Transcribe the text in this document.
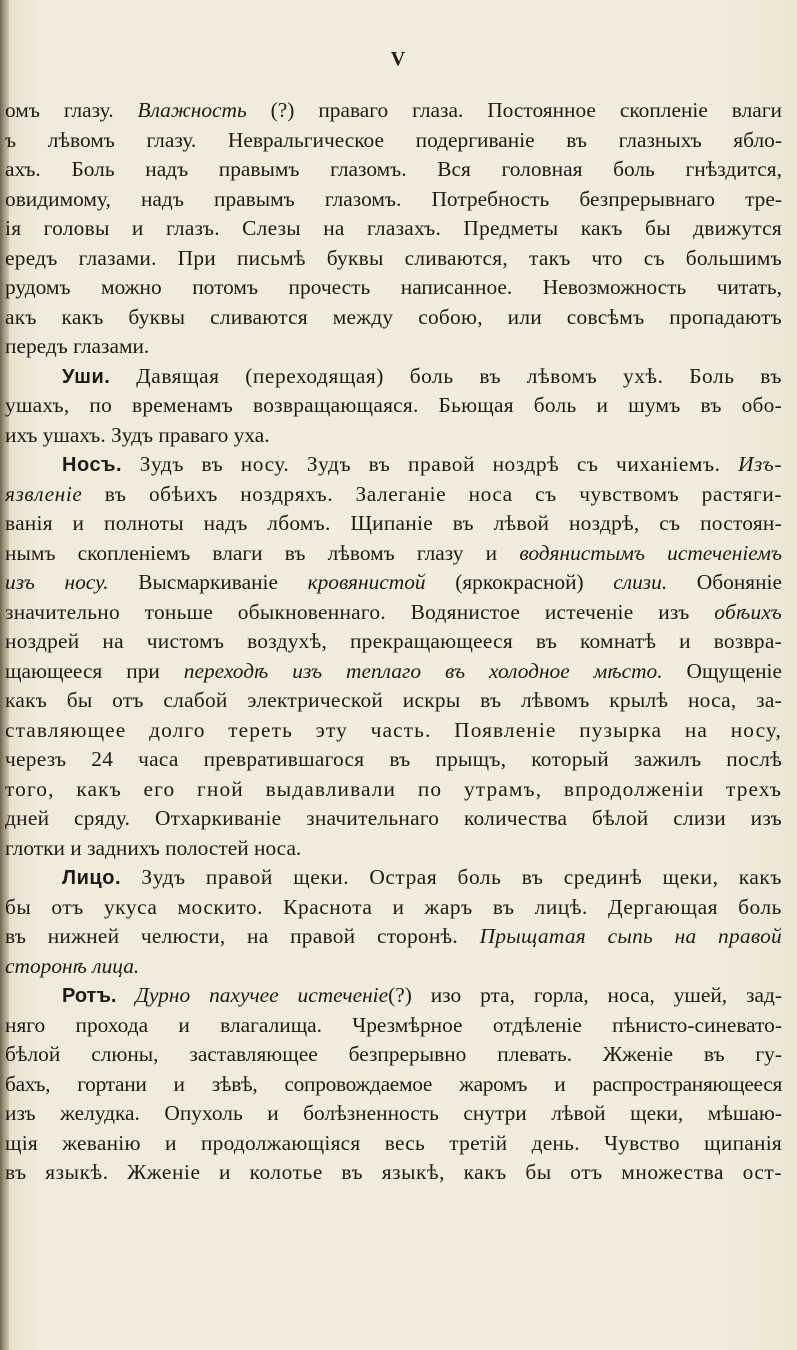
V
омъ глазу. Влажность (?) праваго глаза. Постоянное скопленіе влаги
ъ лѣвомъ глазу. Невральгическое подергиваніе въ глазныхъ ябло-
ахъ. Боль надъ правымъ глазомъ. Вся головная боль гнѣздится,
овидимому, надъ правымъ глазомъ. Потребность безпрерывнаго тре-
ія головы и глазъ. Слезы на глазахъ. Предметы какъ бы движутся
ередъ глазами. При письмѣ буквы сливаются, такъ что съ большимъ
рудомъ можно потомъ прочесть написанное. Невозможность читать,
акъ какъ буквы сливаются между собою, или совсѣмъ пропадаютъ
передъ глазами.
Уши. Давящая (переходящая) боль въ лѣвомъ ухѣ. Боль въ
ушахъ, по временамъ возвращающаяся. Бьющая боль и шумъ въ обо-
ихъ ушахъ. Зудъ праваго уха.
Носъ. Зудъ въ носу. Зудъ въ правой ноздрѣ съ чиханіемъ. Изъ-
язвленіе въ обѣихъ ноздряхъ. Залеганіе носа съ чувствомъ растяги-
ванія и полноты надъ лбомъ. Щипаніе въ лѣвой ноздрѣ, съ постоян-
нымъ скопленіемъ влаги въ лѣвомъ глазу и водянистымъ истеченіемъ
изъ носу. Высмаркиваніе кровянистой (яркокрасной) слизи. Обоняніе
значительно тоньше обыкновеннаго. Водянистое истеченіе изъ обѣихъ
ноздрей на чистомъ воздухѣ, прекращающееся въ комнатѣ и возвра-
щающееся при переходѣ изъ теплаго въ холодное мѣсто. Ощущеніе
какъ бы отъ слабой электрической искры въ лѣвомъ крылѣ носа, за-
ставляющее долго тереть эту часть. Появленіе пузырка на носу,
черезъ 24 часа превратившагося въ прыщъ, который зажилъ послѣ
того, какъ его гной выдавливали по утрамъ, впродолженіи трехъ
дней сряду. Отхаркиваніе значительнаго количества бѣлой слизи изъ
глотки и заднихъ полостей носа.
Лицо. Зудъ правой щеки. Острая боль въ срединѣ щеки, какъ
бы отъ укуса москито. Краснота и жаръ въ лицѣ. Дергающая боль
въ нижней челюсти, на правой сторонѣ. Прыщатая сыпь на правой
сторонѣ лица.
Ротъ. Дурно пахучее истеченіе(?) изо рта, горла, носа, ушей, зад-
няго прохода и влагалища. Чрезмѣрное отдѣленіе пѣнисто-синевато-
бѣлой слюны, заставляющее безпрерывно плевать. Жженіе въ гу-
бахъ, гортани и зѣвѣ, сопровождаемое жаромъ и распространяющееся
изъ желудка. Опухоль и болѣзненность снутри лѣвой щеки, мѣшаю-
щія жеванію и продолжающіяся весь третій день. Чувство щипанія
въ языкѣ. Жженіе и колотье въ языкѣ, какъ бы отъ множества ост-
